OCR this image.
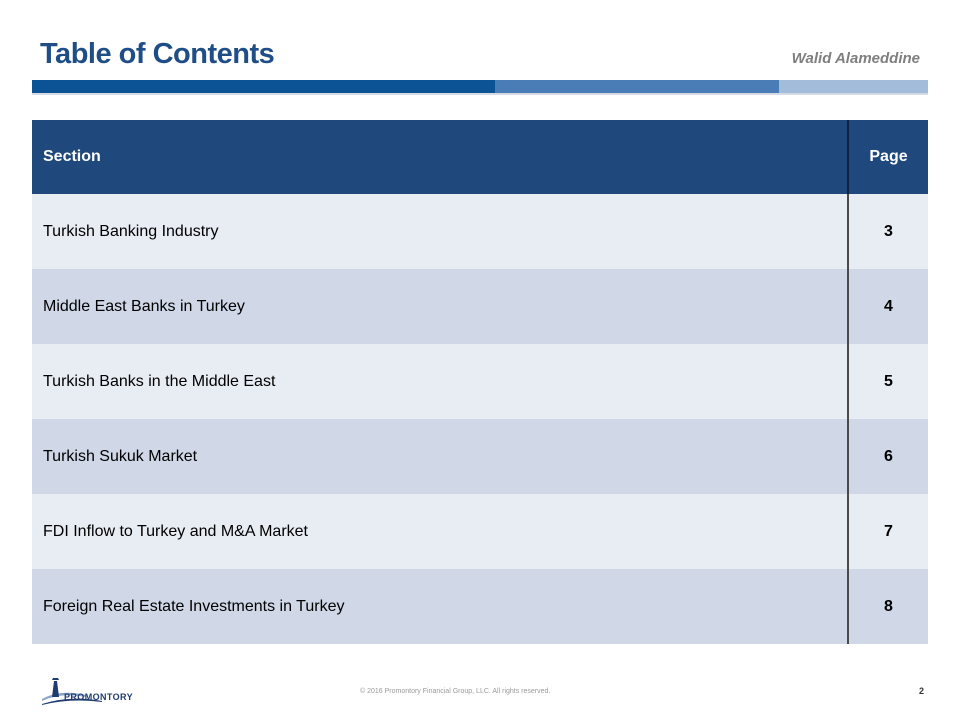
Table of Contents	Walid Alameddine
Section	Page
Turkish Banking Industry	3
Middle East Banks in Turkey	4
Turkish Banks in the Middle East	5
Turkish Sukuk Market	6
FDI Inflow to Turkey and M&A Market	7
Foreign Real Estate Investments in Turkey	8
PROMONTORY
© 2016 Promontory Financial Group, LLC. All rights reserved.	2
